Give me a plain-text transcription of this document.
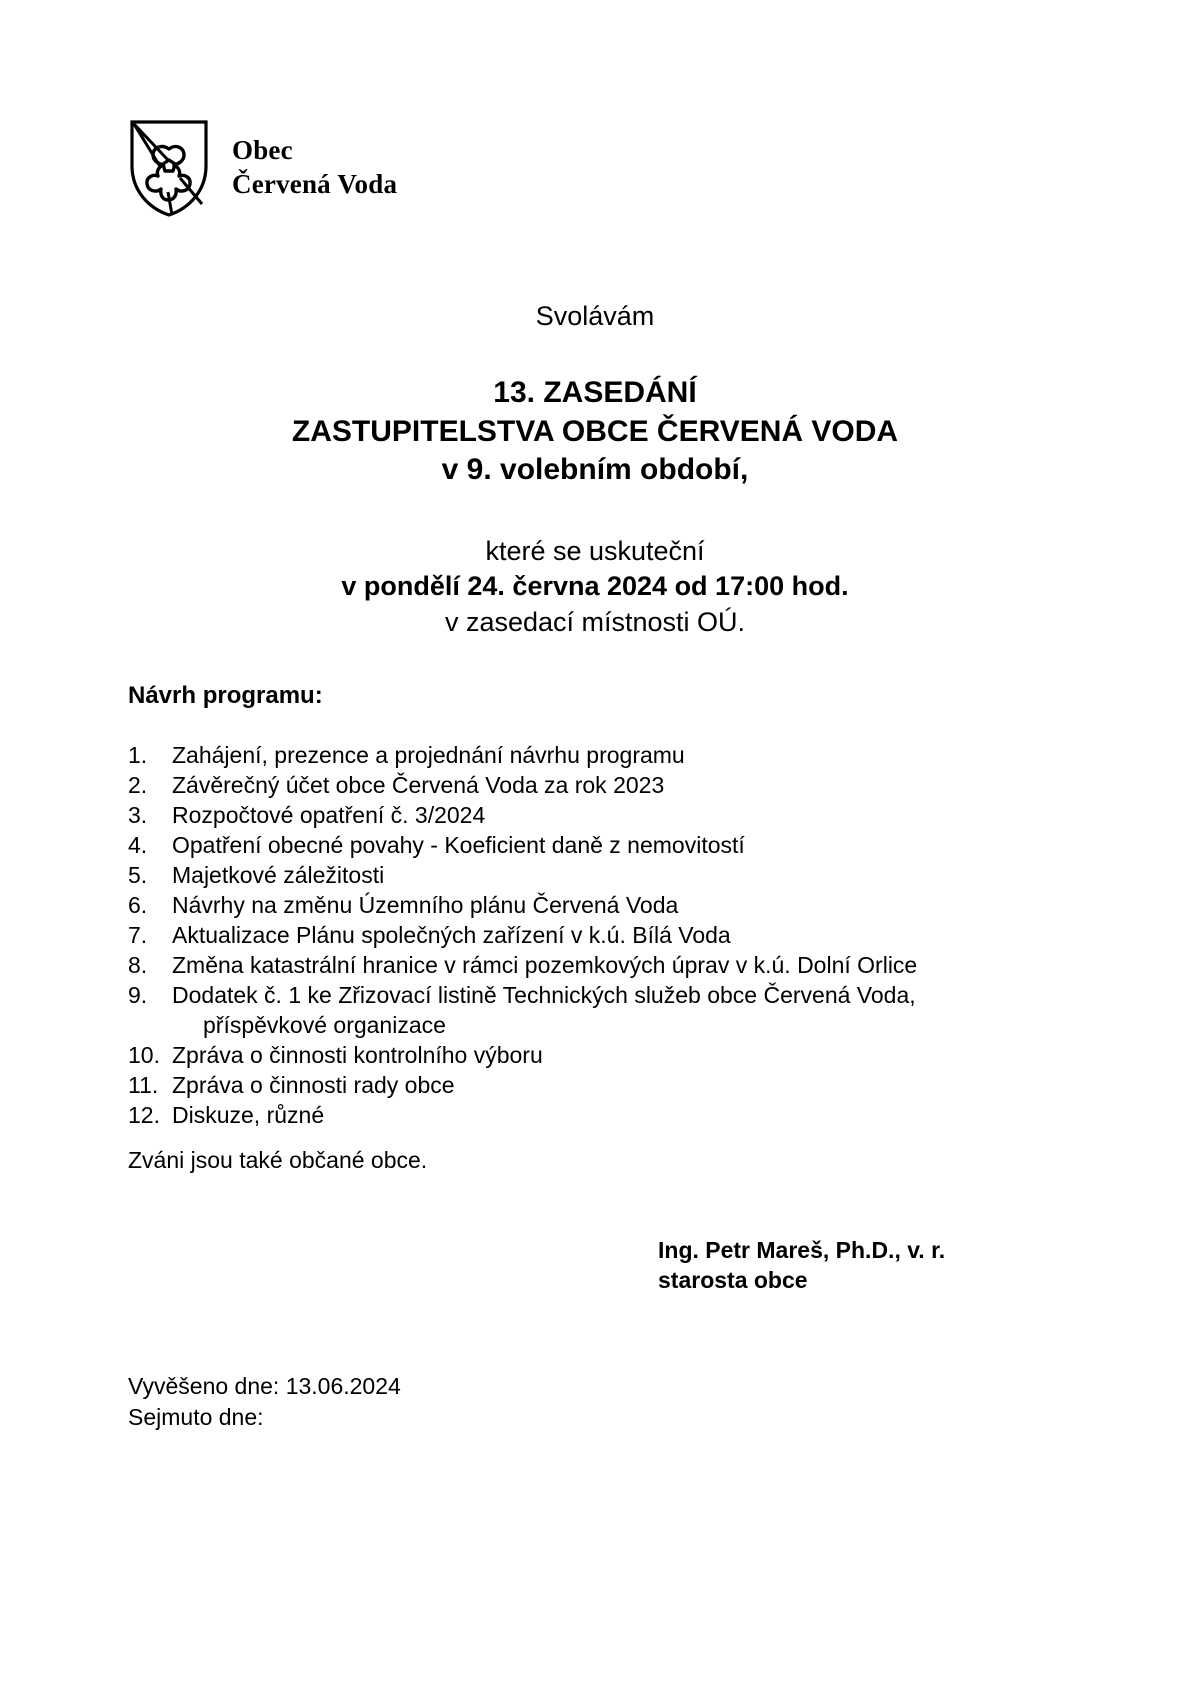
Obec
Červená Voda

Svolávám

13. ZASEDÁNÍ
ZASTUPITELSTVA OBCE ČERVENÁ VODA
v 9. volebním období,
které se uskuteční
v pondělí 24. června 2024 od 17:00 hod.
v zasedací místnosti OÚ.
Návrh programu:
1.	Zahájení, prezence a projednání návrhu programu
2.	Závěrečný účet obce Červená Voda za rok 2023
3.	Rozpočtové opatření č. 3/2024
4.	Opatření obecné povahy - Koeficient daně z nemovitostí
5.	Majetkové záležitosti
6.	Návrhy na změnu Územního plánu Červená Voda
7.	Aktualizace Plánu společných zařízení v k.ú. Bílá Voda
8.	Změna katastrální hranice v rámci pozemkových úprav v k.ú. Dolní Orlice
9.	Dodatek č. 1 ke Zřizovací listině Technických služeb obce Červená Voda,
příspěvkové organizace
10. Zpráva o činnosti kontrolního výboru
11. Zpráva o činnosti rady obce
12. Diskuze, různé
Zváni jsou také občané obce.
Ing. Petr Mareš, Ph.D., v. r.
starosta obce
Vyvěšeno dne: 13.06.2024
Sejmuto dne:
